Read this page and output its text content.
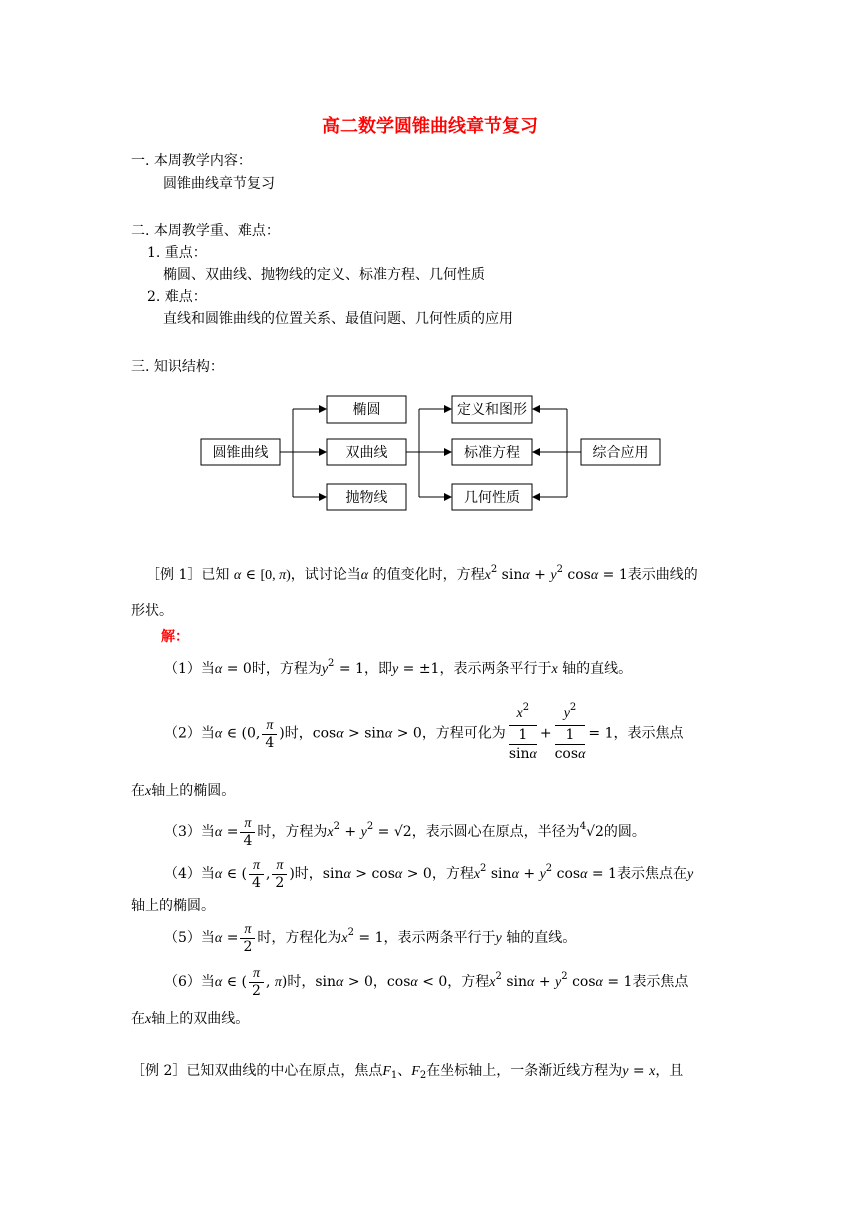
高二数学圆锥曲线章节复习
一. 本周教学内容：
圆锥曲线章节复习
二. 本周教学重、难点：
1. 重点：
椭圆、双曲线、抛物线的定义、标准方程、几何性质
2. 难点：
直线和圆锥曲线的位置关系、最值问题、几何性质的应用
三. 知识结构：
圆锥曲线
椭圆
双曲线
抛物线
定义和图形
标准方程
几何性质
综合应用
［例 1］已知 α ∈ [0, π)，试讨论当α 的值变化时，方程$x^2$ $\sin\alpha + y^2$ cosα = 1表示曲线的
形状。
解：
（1）当α = 0时，方程为$y^2 = 1$，即y = ±1，表示两条平行于x 轴的直线。
（2）当α ∈ (0, $\frac{\pi}{4}$ )时，cosα > sinα > 0，方程可化为 $\frac{x^2}{\frac{1}{\sin\alpha}} + \frac{y^2}{\frac{1}{\cos\alpha}} = 1$，表示焦点
在x轴上的椭圆。
（3）当$\alpha = \frac{\pi}{4}$ 时，方程为$x^2 + y^2 = √2$，表示圆心在原点，半径为$^4$√2的圆。
（4）当α ∈ ( $\frac{\pi}{4}$ , $\frac{\pi}{2}$ )时，sinα > cosα > 0，方程$x^2$ $\sin\alpha + y^2$ cosα = 1表示焦点在y
轴上的椭圆。
（5）当$\alpha = \frac{\pi}{2}$ 时，方程化为$x^2 = 1$，表示两条平行于y 轴的直线。
（6）当α ∈ ( $\frac{\pi}{2}$ , π)时，sinα > 0，cosα < 0，方程$x^2$ $\sin\alpha + y^2$ cosα = 1表示焦点
在x轴上的双曲线。
［例 2］已知双曲线的中心在原点，焦点$F_1$、$F_2$在坐标轴上，一条渐近线方程为y = x，且
